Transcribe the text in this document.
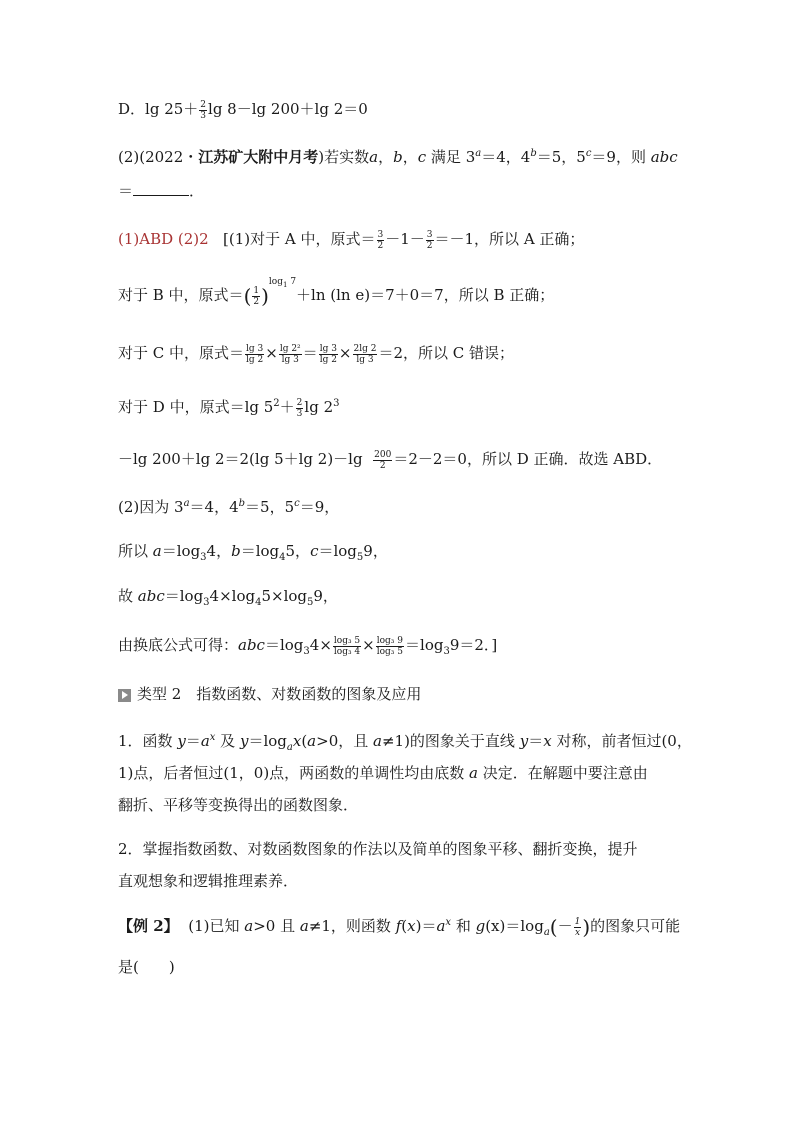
D．$\lg 25+ \frac{2}{3}$ lg 8－lg 200＋lg 2＝0
(2)(2022・江苏矿大附中月考)若实数a，b，c 满足 $3^a=4$，$4^b=5$，$5^c=9$，则 abc
＝	．
(1)ABD (2)2 [(1)对于 A 中，原式＝ $\frac{3}{2} -1- \frac{3}{2} =-1$，所以 A 正确；
对于 B 中，原式＝( $\frac{1}{2} )^{log_1 7}+\ln$ (ln e)＝7＋0＝7，所以 B 正确；
对于 C 中，原式＝ $\frac{\lg 3}{\lg 2} \times \frac{\text{lg 2²}}{\lg 3} = \frac{\lg 3}{\lg 2} \times \frac{2\lg 2}{\lg 3} =2$，所以 C 错误；
对于 D 中，原式＝lg $5^2+ \frac{2}{3}$ $\lg 2^3$
－lg 200＋lg 2＝2(lg 5＋lg $2)-\lg \frac{200}{2} =2-2=0$，所以 D 正确．故选 ABD．
(2)因为 $3^a=4$，$4^b=5$，$5^c=9$，
所以 $a=\log_34$，$b=\log_45$，$c=\log_59$，
故 $abc=\log_34\times\log_45\times\log_59$，
由换底公式可得：$abc=\log_34\times \frac{\text{log₃ 5}}{\text{log₃ 4}} \times \frac{\text{log₃ 9}}{\text{log₃ 5}} =\log_39=2$．]
类型 2　指数函数、对数函数的图象及应用
1．函数 $y=a^x$ 及 $y=\log_ax(a>0$，且 a≠1)的图象关于直线 y＝x 对称，前者恒过(0，
1)点，后者恒过(1，0)点，两函数的单调性均由底数 a 决定．在解题中要注意由
翻折、平移等变换得出的函数图象．
2．掌握指数函数、对数函数图象的作法以及简单的图象平移、翻折变换，提升
直观想象和逻辑推理素养．
【例 2】 (1)已知 a>0 且 a≠1，则函数 $f(x)=a^x$ 和 $g(x)=\log_a(- \frac{1}{x}$ )的图象只可能
是(　　)
